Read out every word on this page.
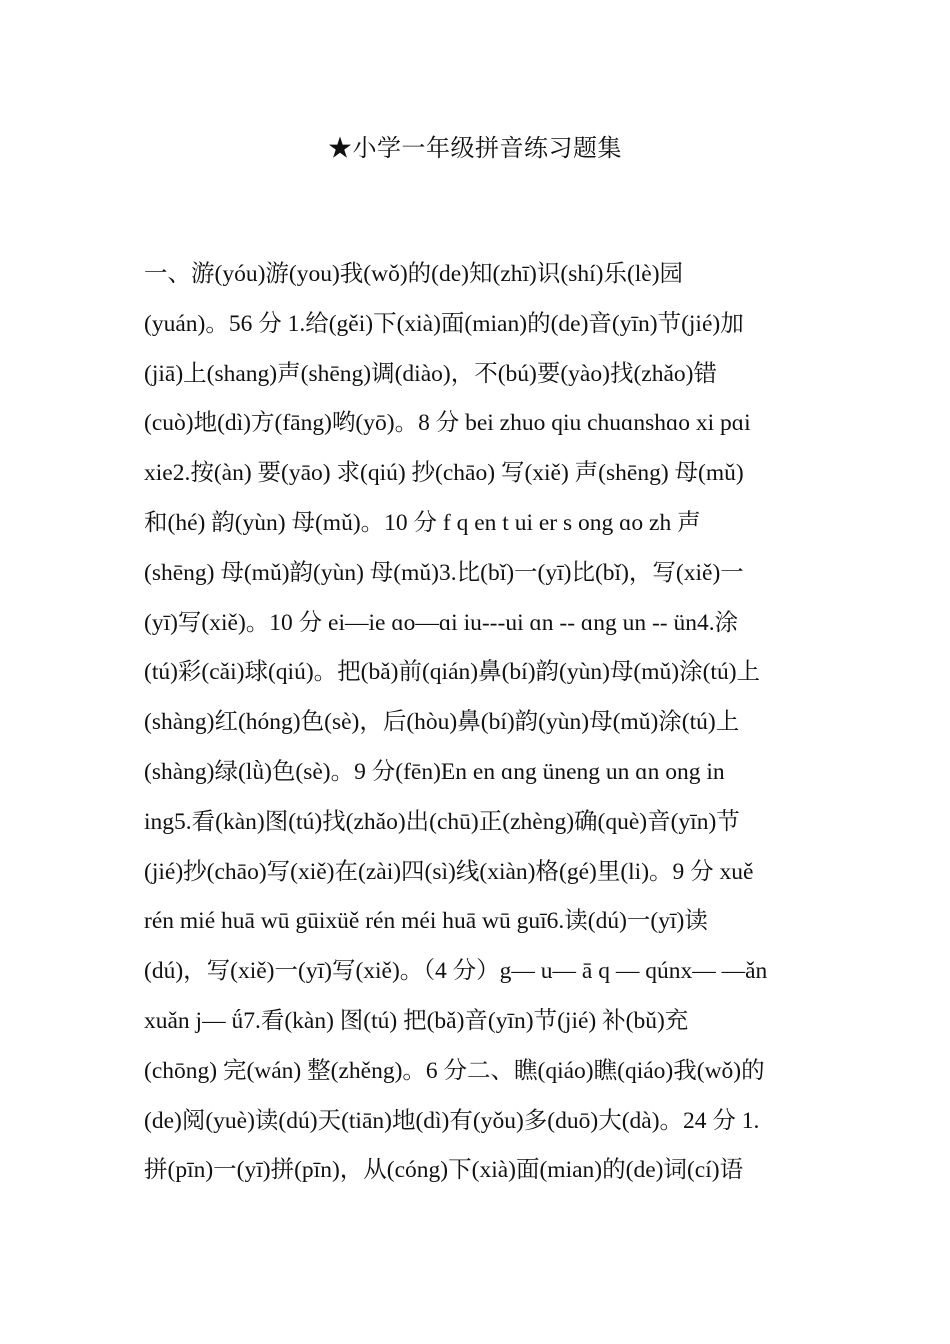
★小学一年级拼音练习题集
一、游(yóu)游(you)我(wǒ)的(de)知(zhī)识(shí)乐(lè)园
(yuán)。56 分 1.给(gěi)下(xià)面(mian)的(de)音(yīn)节(jié)加
(jiā)上(shang)声(shēng)调(diào)，不(bú)要(yào)找(zhǎo)错
(cuò)地(dì)方(fāng)哟(yō)。8 分 bei zhuo qiu chuɑnshɑo xi pɑi
xie2.按(àn) 要(yāo) 求(qiú) 抄(chāo) 写(xiě) 声(shēng) 母(mǔ)
和(hé) 韵(yùn) 母(mǔ)。10 分 f q en t ui er s ong ɑo zh 声
(shēng) 母(mǔ)韵(yùn) 母(mǔ)3.比(bǐ)一(yī)比(bǐ)，写(xiě)一
(yī)写(xiě)。10 分 ei—ie ɑo—ɑi iu---ui ɑn -- ɑng un -- ün4.涂
(tú)彩(cǎi)球(qiú)。把(bǎ)前(qián)鼻(bí)韵(yùn)母(mǔ)涂(tú)上
(shàng)红(hóng)色(sè)，后(hòu)鼻(bí)韵(yùn)母(mǔ)涂(tú)上
(shàng)绿(lǜ)色(sè)。9 分(fēn)En en ɑng üneng un ɑn ong in
ing5.看(kàn)图(tú)找(zhǎo)出(chū)正(zhèng)确(què)音(yīn)节
(jié)抄(chāo)写(xiě)在(zài)四(sì)线(xiàn)格(gé)里(li)。9 分 xuě
rén mié huā wū gūixüě rén méi huā wū guī6.读(dú)一(yī)读
(dú)，写(xiě)一(yī)写(xiě)。（4 分）g— u— ā q — qúnx— —ǎn
xuǎn j— ǘ7.看(kàn) 图(tú) 把(bǎ)音(yīn)节(jié) 补(bǔ)充
(chōng) 完(wán) 整(zhěng)。6 分二、瞧(qiáo)瞧(qiáo)我(wǒ)的
(de)阅(yuè)读(dú)天(tiān)地(dì)有(yǒu)多(duō)大(dà)。24 分 1.
拼(pīn)一(yī)拼(pīn)，从(cóng)下(xià)面(mian)的(de)词(cí)语
